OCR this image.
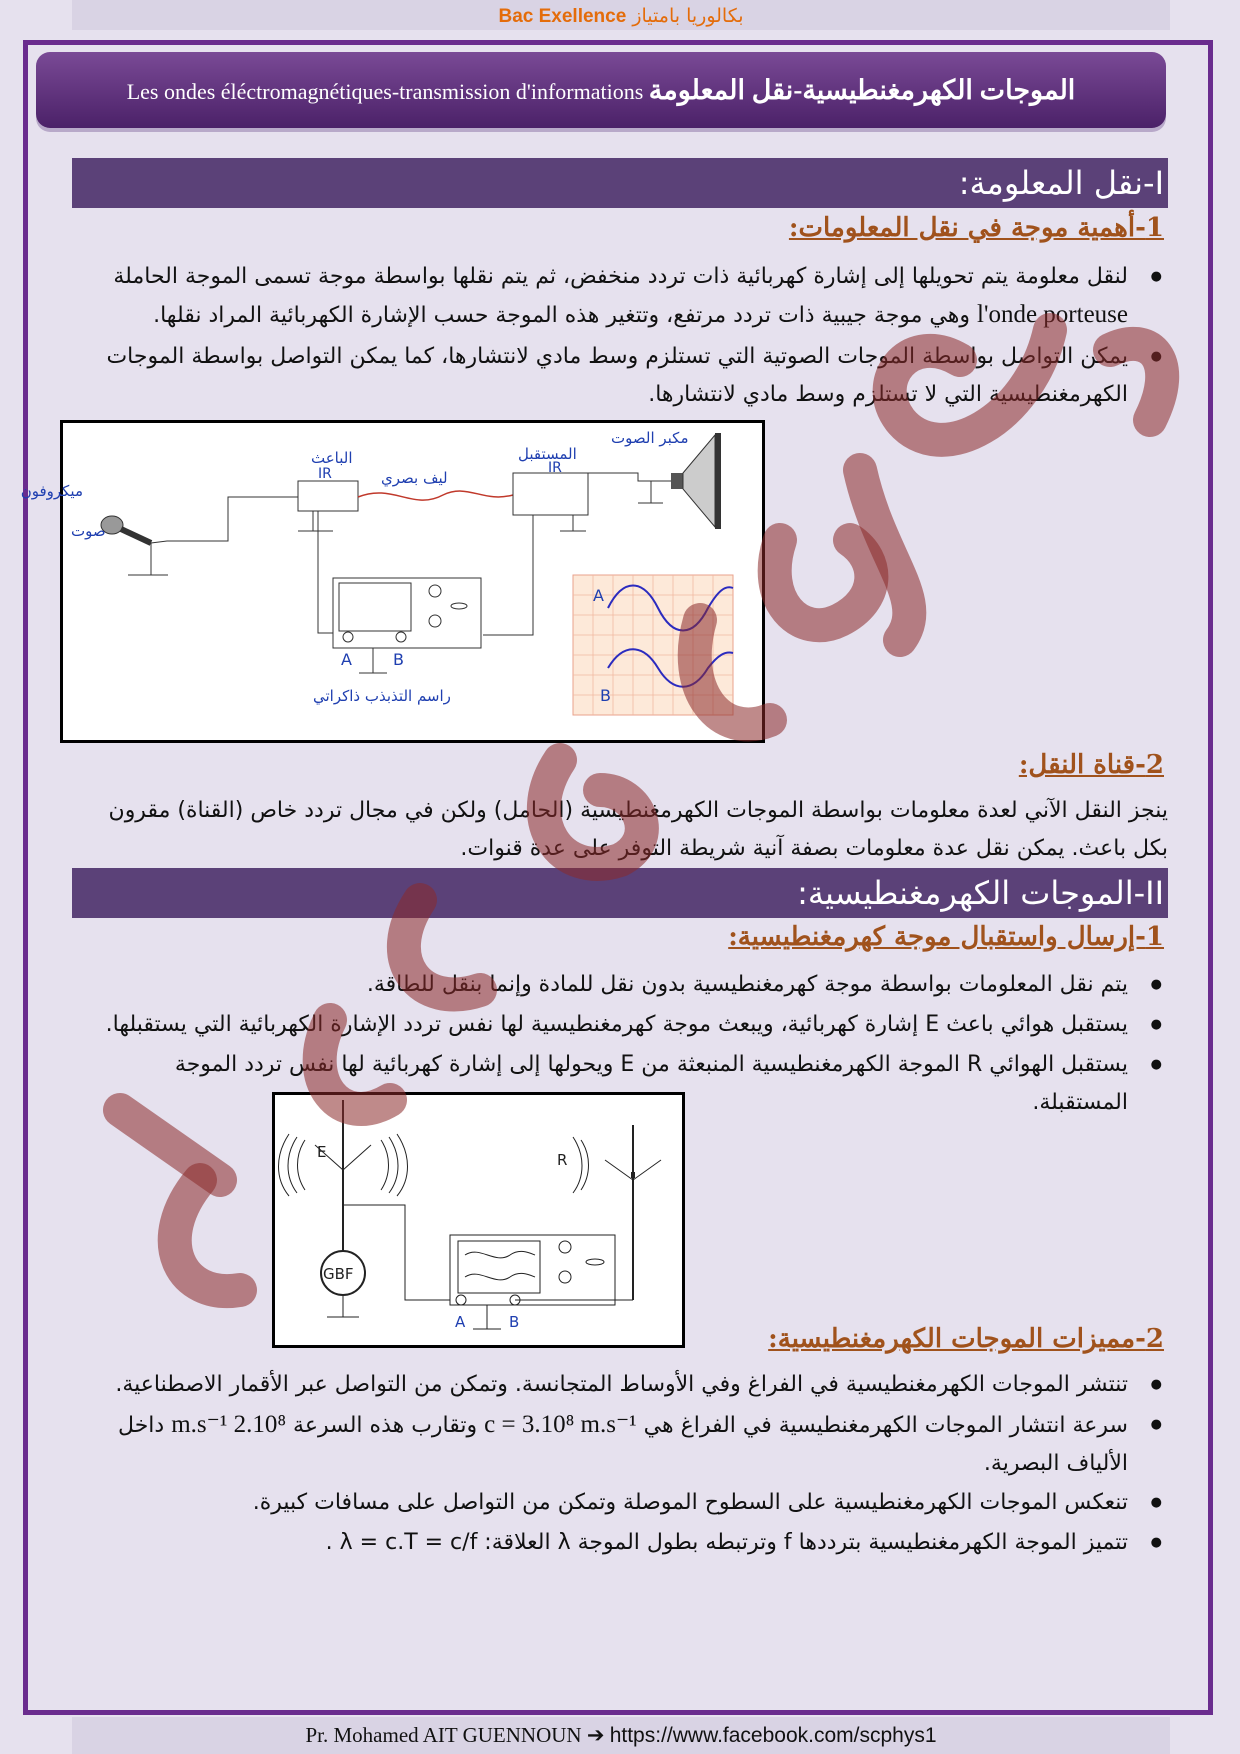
Bac Exellence بكالوريا بامتياز
Les ondes éléctromagnétiques-transmission d'informations الموجات الكهرمغنطيسية-نقل المعلومة
I-نقل المعلومة:
1-أهمية موجة في نقل المعلومات:
● لنقل معلومة يتم تحويلها إلى إشارة كهربائية ذات تردد منخفض، ثم يتم نقلها بواسطة موجة تسمى الموجة الحاملة l'onde porteuse وهي موجة جيبية ذات تردد مرتفع، وتتغير هذه الموجة حسب الإشارة الكهربائية المراد نقلها.
● يمكن التواصل بواسطة الموجات الصوتية التي تستلزم وسط مادي لانتشارها، كما يمكن التواصل بواسطة الموجات الكهرمغنطيسية التي لا تستلزم وسط مادي لانتشارها.
ميكروفون
صوت
الباعث
IR	ليف بصري
المستقبل
IR
مكبر الصوت
A	B
راسم التذبذب ذاكراتي
A
B
2-قناة النقل:
ينجز النقل الآني لعدة معلومات بواسطة الموجات الكهرمغنطيسية (الحامل) ولكن في مجال تردد خاص (القناة) مقرون بكل باعث. يمكن نقل عدة معلومات بصفة آنية شريطة التوفر على عدة قنوات.
II-الموجات الكهرمغنطيسية:
1-إرسال واستقبال موجة كهرمغنطيسية:
● يتم نقل المعلومات بواسطة موجة كهرمغنطيسية بدون نقل للمادة وإنما بنقل للطاقة.
● يستقبل هوائي باعث E إشارة كهربائية، ويبعث موجة كهرمغنطيسية لها نفس تردد الإشارة الكهربائية التي يستقبلها.
● يستقبل الهوائي R الموجة الكهرمغنطيسية المنبعثة من E ويحولها إلى إشارة كهربائية لها نفس تردد الموجة المستقبلة.
E
GBF
A	B
R
2-مميزات الموجات الكهرمغنطيسية:
● تنتشر الموجات الكهرمغنطيسية في الفراغ وفي الأوساط المتجانسة. وتمكن من التواصل عبر الأقمار الاصطناعية.
● سرعة انتشار الموجات الكهرمغنطيسية في الفراغ هي c = 3.10⁸ m.s⁻¹ وتقارب هذه السرعة 2.10⁸ m.s⁻¹ داخل الألياف البصرية.
● تنعكس الموجات الكهرمغنطيسية على السطوح الموصلة وتمكن من التواصل على مسافات كبيرة.
● تتميز الموجة الكهرمغنطيسية بترددها f وترتبطه بطول الموجة λ العلاقة: λ = c.T = c/f .
Pr. Mohamed AIT GUENNOUN ➔ https://www.facebook.com/scphys1
